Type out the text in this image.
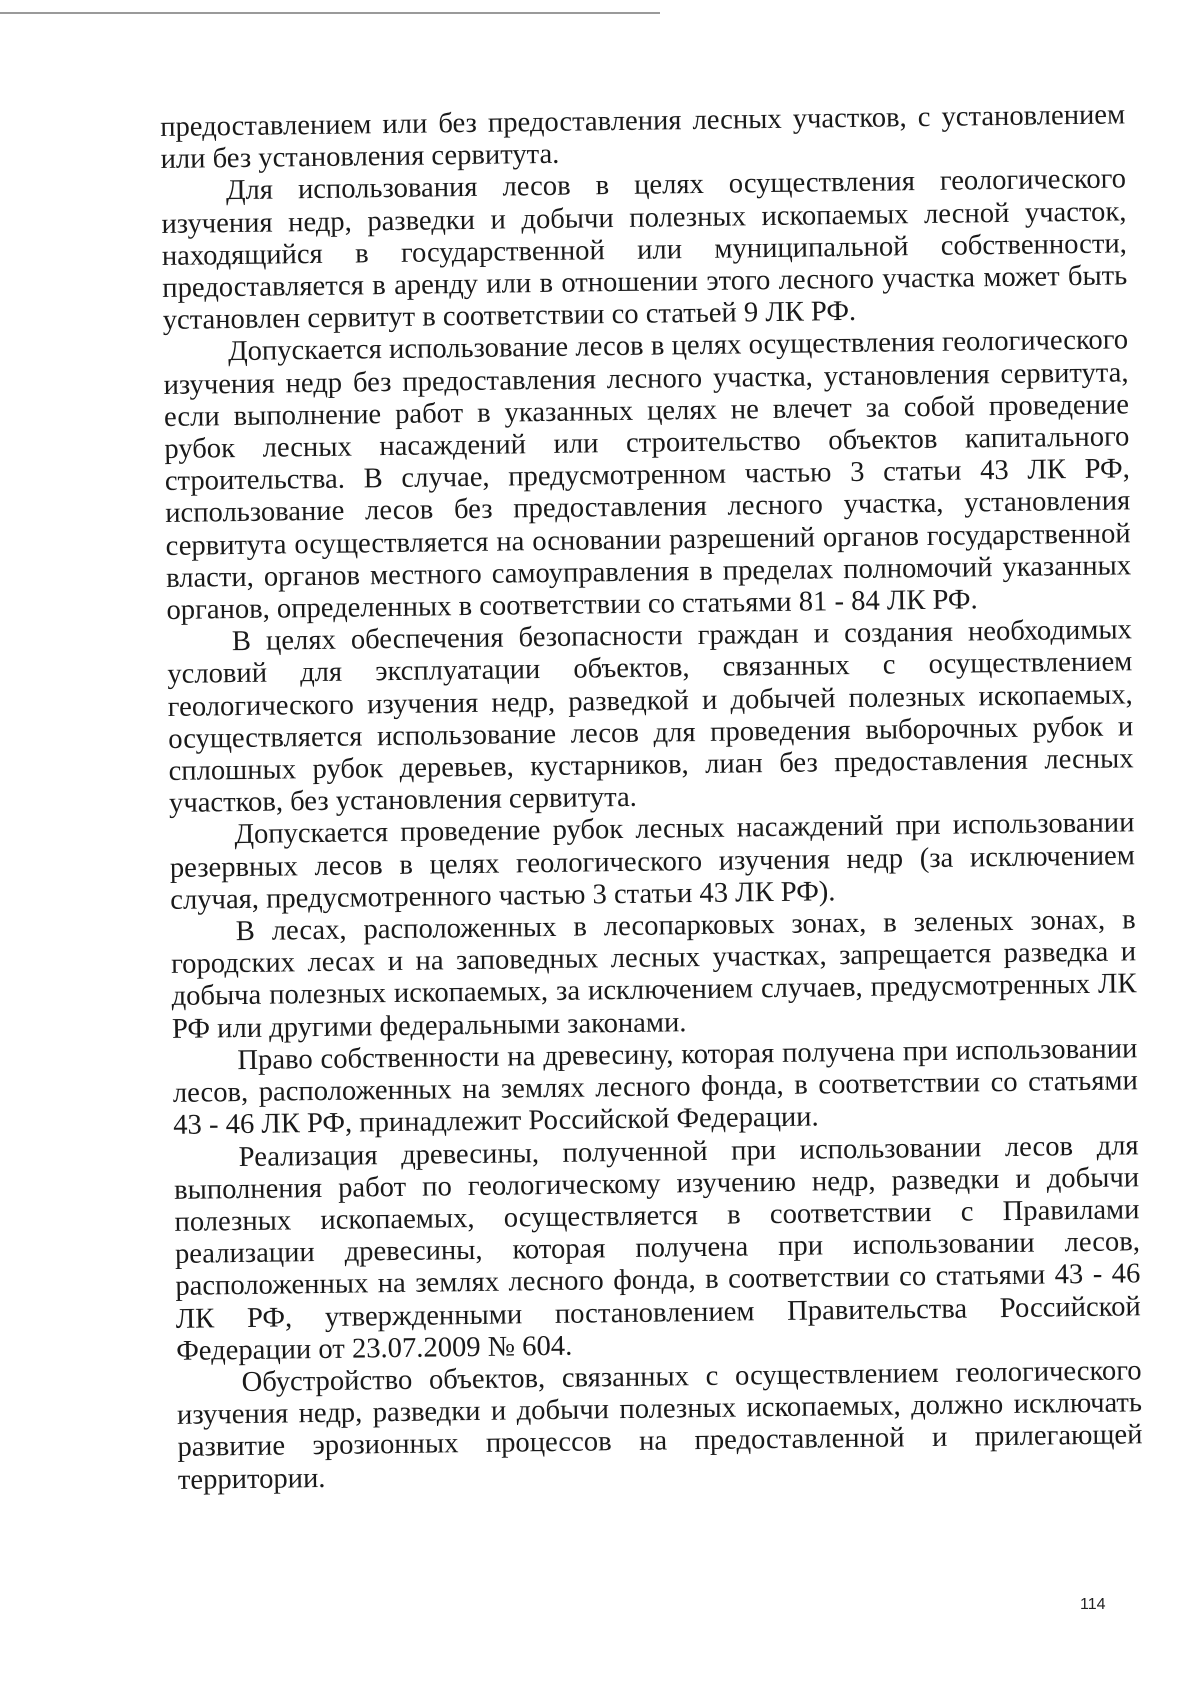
предоставлением или без предоставления лесных участков, с установлением или без установления сервитута.

Для использования лесов в целях осуществления геологического изучения недр, разведки и добычи полезных ископаемых лесной участок, находящийся в государственной или муниципальной собственности, предоставляется в аренду или в отношении этого лесного участка может быть установлен сервитут в соответствии со статьей 9 ЛК РФ.

Допускается использование лесов в целях осуществления геологического изучения недр без предоставления лесного участка, установления сервитута, если выполнение работ в указанных целях не влечет за собой проведение рубок лесных насаждений или строительство объектов капитального строительства. В случае, предусмотренном частью 3 статьи 43 ЛК РФ, использование лесов без предоставления лесного участка, установления сервитута осуществляется на основании разрешений органов государственной власти, органов местного самоуправления в пределах полномочий указанных органов, определенных в соответствии со статьями 81 - 84 ЛК РФ.

В целях обеспечения безопасности граждан и создания необходимых условий для эксплуатации объектов, связанных с осуществлением геологического изучения недр, разведкой и добычей полезных ископаемых, осуществляется использование лесов для проведения выборочных рубок и сплошных рубок деревьев, кустарников, лиан без предоставления лесных участков, без установления сервитута.

Допускается проведение рубок лесных насаждений при использовании резервных лесов в целях геологического изучения недр (за исключением случая, предусмотренного частью 3 статьи 43 ЛК РФ).

В лесах, расположенных в лесопарковых зонах, в зеленых зонах, в городских лесах и на заповедных лесных участках, запрещается разведка и добыча полезных ископаемых, за исключением случаев, предусмотренных ЛК РФ или другими федеральными законами.

Право собственности на древесину, которая получена при использовании лесов, расположенных на землях лесного фонда, в соответствии со статьями 43 - 46 ЛК РФ, принадлежит Российской Федерации.

Реализация древесины, полученной при использовании лесов для выполнения работ по геологическому изучению недр, разведки и добычи полезных ископаемых, осуществляется в соответствии с Правилами реализации древесины, которая получена при использовании лесов, расположенных на землях лесного фонда, в соответствии со статьями 43 - 46 ЛК РФ, утвержденными постановлением Правительства Российской Федерации от 23.07.2009 № 604.

Обустройство объектов, связанных с осуществлением геологического изучения недр, разведки и добычи полезных ископаемых, должно исключать развитие эрозионных процессов на предоставленной и прилегающей территории.

114
